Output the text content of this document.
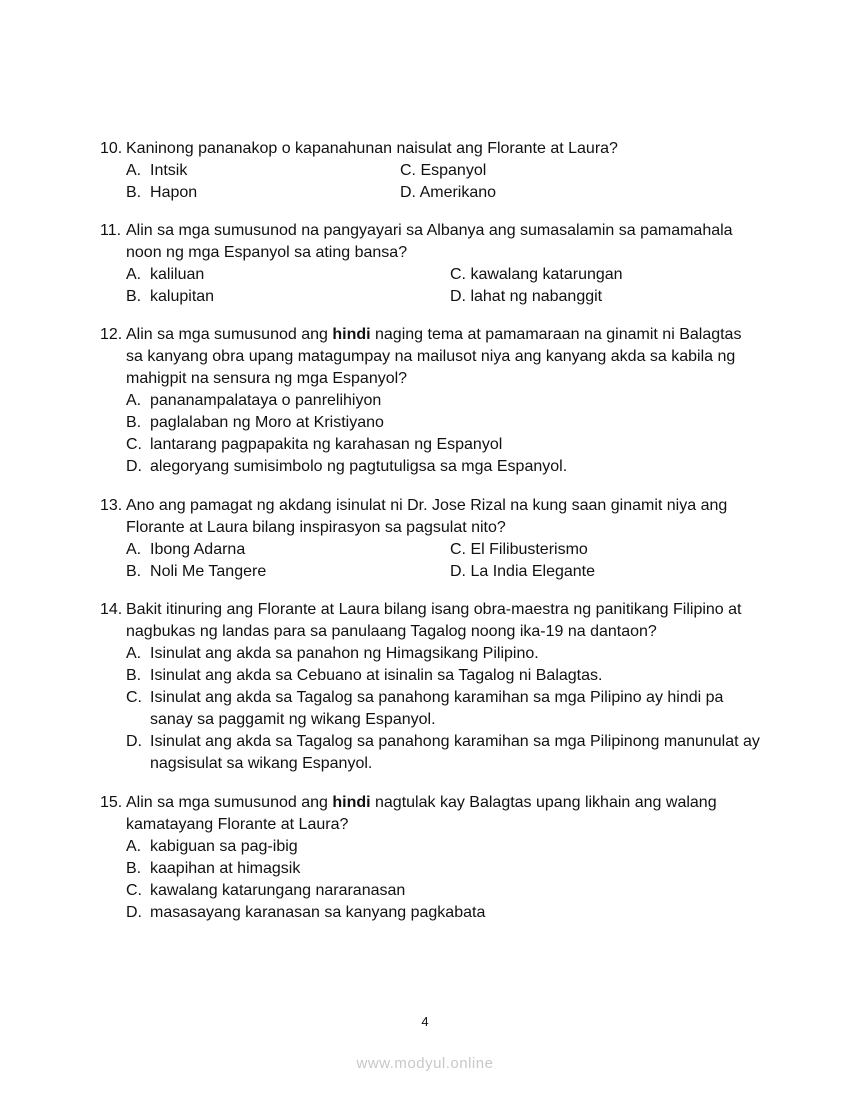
10. Kaninong pananakop o kapanahunan naisulat ang Florante at Laura?
A. Intsik
B. Hapon
C. Espanyol
D. Amerikano
11. Alin sa mga sumusunod na pangyayari sa Albanya ang sumasalamin sa pamamahala noon ng mga Espanyol sa ating bansa?
A. kaliluan
B. kalupitan
C. kawalang katarungan
D. lahat ng nabanggit
12. Alin sa mga sumusunod ang hindi naging tema at pamamaraan na ginamit ni Balagtas sa kanyang obra upang matagumpay na mailusot niya ang kanyang akda sa kabila ng mahigpit na sensura ng mga Espanyol?
A. pananampalataya o panrelihiyon
B. paglalaban ng Moro at Kristiyano
C. lantarang pagpapakita ng karahasan ng Espanyol
D. alegoryang sumisimbolo ng pagtutuligsa sa mga Espanyol.
13. Ano ang pamagat ng akdang isinulat ni Dr. Jose Rizal na kung saan ginamit niya ang Florante at Laura bilang inspirasyon sa pagsulat nito?
A. Ibong Adarna
B. Noli Me Tangere
C. El Filibusterismo
D. La India Elegante
14. Bakit itinuring ang Florante at Laura bilang isang obra-maestra ng panitikang Filipino at nagbukas ng landas para sa panulaang Tagalog noong ika-19 na dantaon?
A. Isinulat ang akda sa panahon ng Himagsikang Pilipino.
B. Isinulat ang akda sa Cebuano at isinalin sa Tagalog ni Balagtas.
C. Isinulat ang akda sa Tagalog sa panahong karamihan sa mga Pilipino ay hindi pa sanay sa paggamit ng wikang Espanyol.
D. Isinulat ang akda sa Tagalog sa panahong karamihan sa mga Pilipinong manunulat ay nagsisulat sa wikang Espanyol.
15. Alin sa mga sumusunod ang hindi nagtulak kay Balagtas upang likhain ang walang kamatayang Florante at Laura?
A. kabiguan sa pag-ibig
B. kaapihan at himagsik
C. kawalang katarungang nararanasan
D. masasayang karanasan sa kanyang pagkabata
4
www.modyul.online
